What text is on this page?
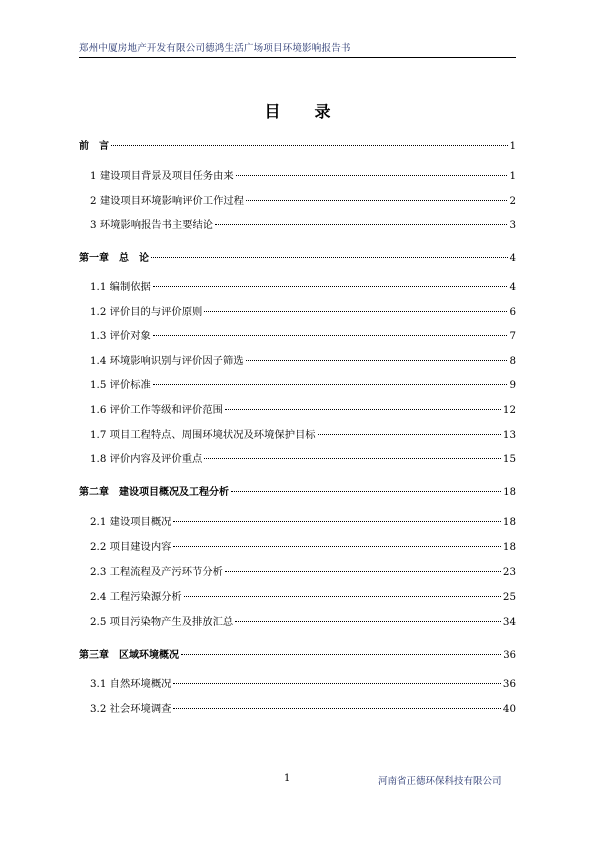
郑州中厦房地产开发有限公司德鸿生活广场项目环境影响报告书
目 录
前　言	1
1 建设项目背景及项目任务由来	1
2 建设项目环境影响评价工作过程	2
3 环境影响报告书主要结论	3
第一章　总　论	4
1.1 编制依据	4
1.2 评价目的与评价原则	6
1.3 评价对象	7
1.4 环境影响识别与评价因子筛选	8
1.5 评价标准	9
1.6 评价工作等级和评价范围	12
1.7 项目工程特点、周围环境状况及环境保护目标	13
1.8 评价内容及评价重点	15
第二章　建设项目概况及工程分析	18
2.1 建设项目概况	18
2.2 项目建设内容	18
2.3 工程流程及产污环节分析	23
2.4 工程污染源分析	25
2.5 项目污染物产生及排放汇总	34
第三章　区域环境概况	36
3.1 自然环境概况	36
3.2 社会环境调查	40
1	河南省正德环保科技有限公司
